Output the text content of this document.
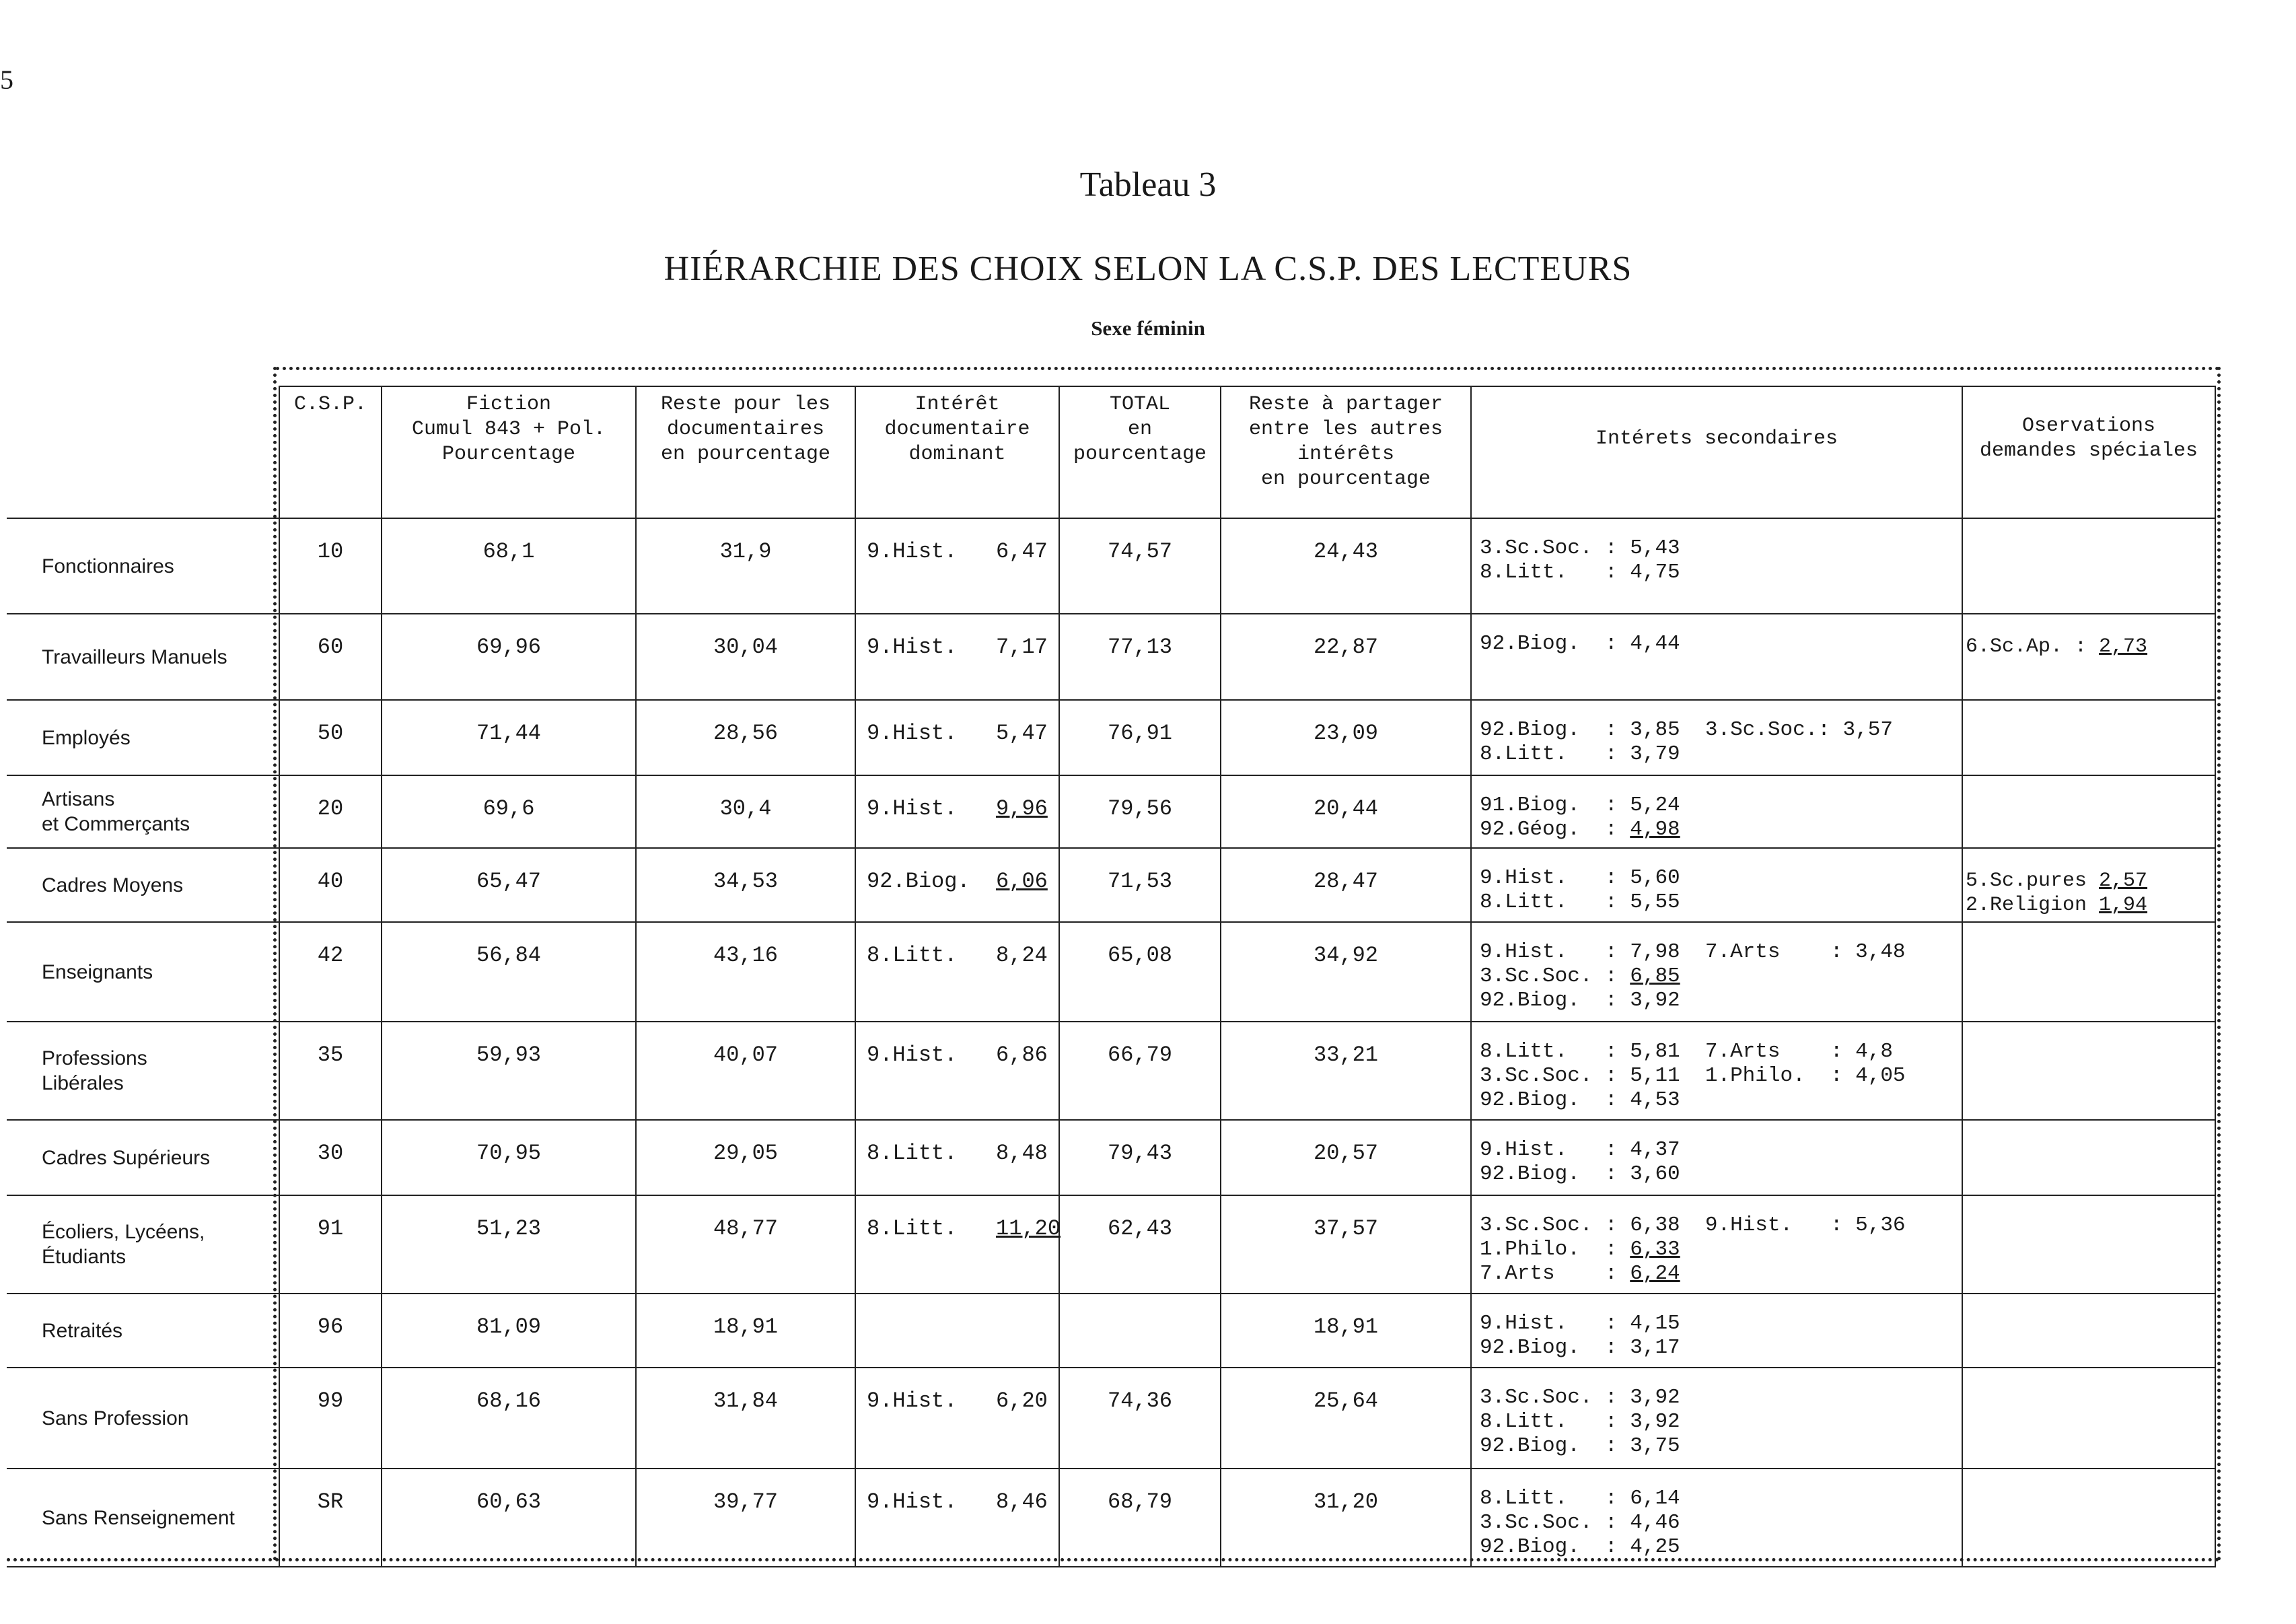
5
Tableau 3
HIÉRARCHIE DES CHOIX SELON LA C.S.P. DES LECTEURS
Sexe féminin
	C.S.P.	Fiction
Cumul 843 + Pol.
Pourcentage	Reste pour les
documentaires
en pourcentage	Intérêt
documentaire
dominant	TOTAL
en
pourcentage	Reste à partager
entre les autres
intérêts
en pourcentage	Intérets secondaires	Oservations
demandes spéciales
Fonctionnaires	10	68,1	31,9	9.Hist.   6,47	74,57	24,43	3.Sc.Soc. : 5,43
8.Litt.   : 4,75	
Travailleurs Manuels	60	69,96	30,04	9.Hist.   7,17	77,13	22,87	92.Biog.  : 4,44	6.Sc.Ap. : 2,73
Employés	50	71,44	28,56	9.Hist.   5,47	76,91	23,09	92.Biog.  : 3,85  3.Sc.Soc.: 3,57
8.Litt.   : 3,79	
Artisans
et Commerçants	20	69,6	30,4	9.Hist.   9,96	79,56	20,44	91.Biog.  : 5,24
92.Géog.  : 4,98	
Cadres Moyens	40	65,47	34,53	92.Biog.  6,06	71,53	28,47	9.Hist.   : 5,60
8.Litt.   : 5,55	5.Sc.pures 2,57
2.Religion 1,94
Enseignants	42	56,84	43,16	8.Litt.   8,24	65,08	34,92	9.Hist.   : 7,98  7.Arts    : 3,48
3.Sc.Soc. : 6,85
92.Biog.  : 3,92	
Professions
Libérales	35	59,93	40,07	9.Hist.   6,86	66,79	33,21	8.Litt.   : 5,81  7.Arts    : 4,8
3.Sc.Soc. : 5,11  1.Philo.  : 4,05
92.Biog.  : 4,53	
Cadres Supérieurs	30	70,95	29,05	8.Litt.   8,48	79,43	20,57	9.Hist.   : 4,37
92.Biog.  : 3,60	
Écoliers, Lycéens,
Étudiants	91	51,23	48,77	8.Litt.   11,20	62,43	37,57	3.Sc.Soc. : 6,38  9.Hist.   : 5,36
1.Philo.  : 6,33
7.Arts    : 6,24	
Retraités	96	81,09	18,91			18,91	9.Hist.   : 4,15
92.Biog.  : 3,17	
Sans Profession	99	68,16	31,84	9.Hist.   6,20	74,36	25,64	3.Sc.Soc. : 3,92
8.Litt.   : 3,92
92.Biog.  : 3,75	
Sans Renseignement	SR	60,63	39,77	9.Hist.   8,46	68,79	31,20	8.Litt.   : 6,14
3.Sc.Soc. : 4,46
92.Biog.  : 4,25	
